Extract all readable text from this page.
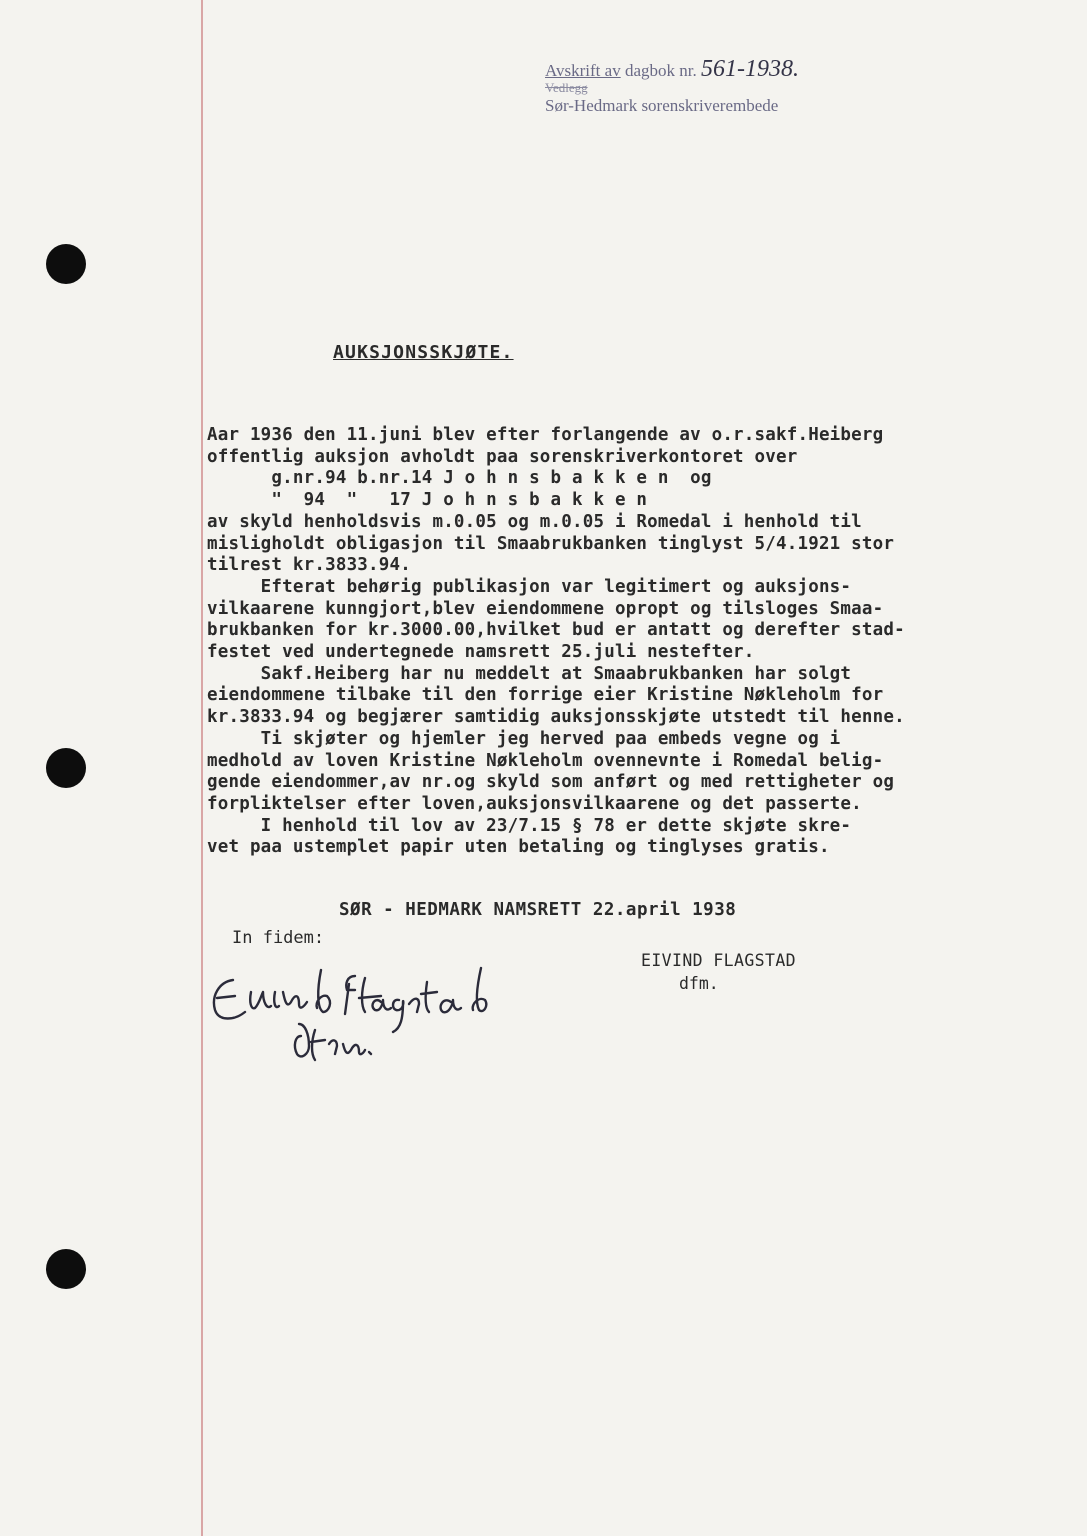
Avskrift av dagbok nr. 561-1938.
Vedlegg
Sør-Hedmark sorenskriverembede
AUKSJONSSKJØTE.
Aar 1936 den 11.juni blev efter forlangende av o.r.sakf.Heiberg
offentlig auksjon avholdt paa sorenskriverkontoret over
g.nr.94 b.nr.14 J o h n s b a k k e n  og
"  94  "   17 J o h n s b a k k e n
av skyld henholdsvis m.0.05 og m.0.05 i Romedal i henhold til
misligholdt obligasjon til Smaabrukbanken tinglyst 5/4.1921 stor
tilrest kr.3833.94.
Efterat behørig publikasjon var legitimert og auksjons-
vilkaarene kunngjort,blev eiendommene opropt og tilsloges Smaa-
brukbanken for kr.3000.00,hvilket bud er antatt og derefter stad-
festet ved undertegnede namsrett 25.juli nestefter.
Sakf.Heiberg har nu meddelt at Smaabrukbanken har solgt
eiendommene tilbake til den forrige eier Kristine Nøkleholm for
kr.3833.94 og begjærer samtidig auksjonsskjøte utstedt til henne.
Ti skjøter og hjemler jeg herved paa embeds vegne og i
medhold av loven Kristine Nøkleholm ovennevnte i Romedal belig-
gende eiendommer,av nr.og skyld som anført og med rettigheter og
forpliktelser efter loven,auksjonsvilkaarene og det passerte.
I henhold til lov av 23/7.15 § 78 er dette skjøte skre-
vet paa ustemplet papir uten betaling og tinglyses gratis.
SØR - HEDMARK NAMSRETT 22.april 1938
In fidem:
EIVIND FLAGSTAD
dfm.
